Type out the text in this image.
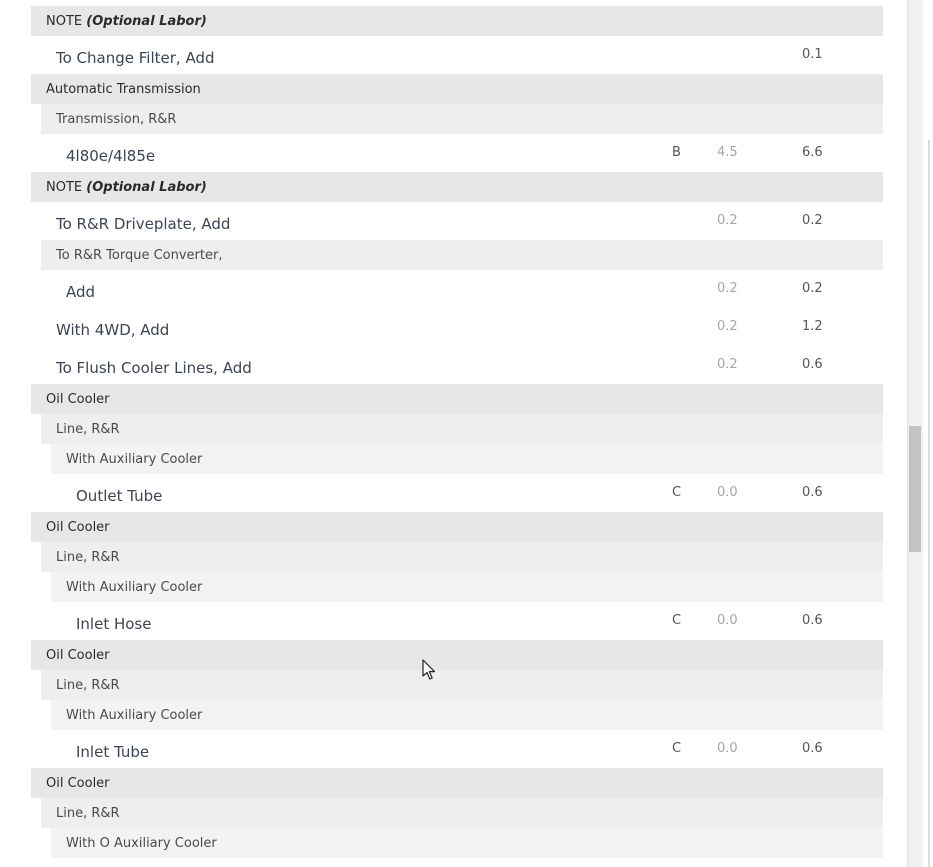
NOTE
(Optional Labor)
To Change Filter, Add	0.1
Automatic Transmission
Transmission, R&R
4l80e/4l85e	B	4.5	6.6
NOTE
(Optional Labor)
To R&R Driveplate, Add	0.2	0.2
To R&R Torque Converter,
Add	0.2	0.2
With 4WD, Add	0.2	1.2
To Flush Cooler Lines, Add	0.2	0.6
Oil Cooler
Line, R&R
With Auxiliary Cooler
Outlet Tube	C	0.0	0.6
Oil Cooler
Line, R&R
With Auxiliary Cooler
Inlet Hose	C	0.0	0.6
Oil Cooler
Line, R&R
With Auxiliary Cooler
Inlet Tube	C	0.0	0.6
Oil Cooler
Line, R&R
With O Auxiliary Cooler
